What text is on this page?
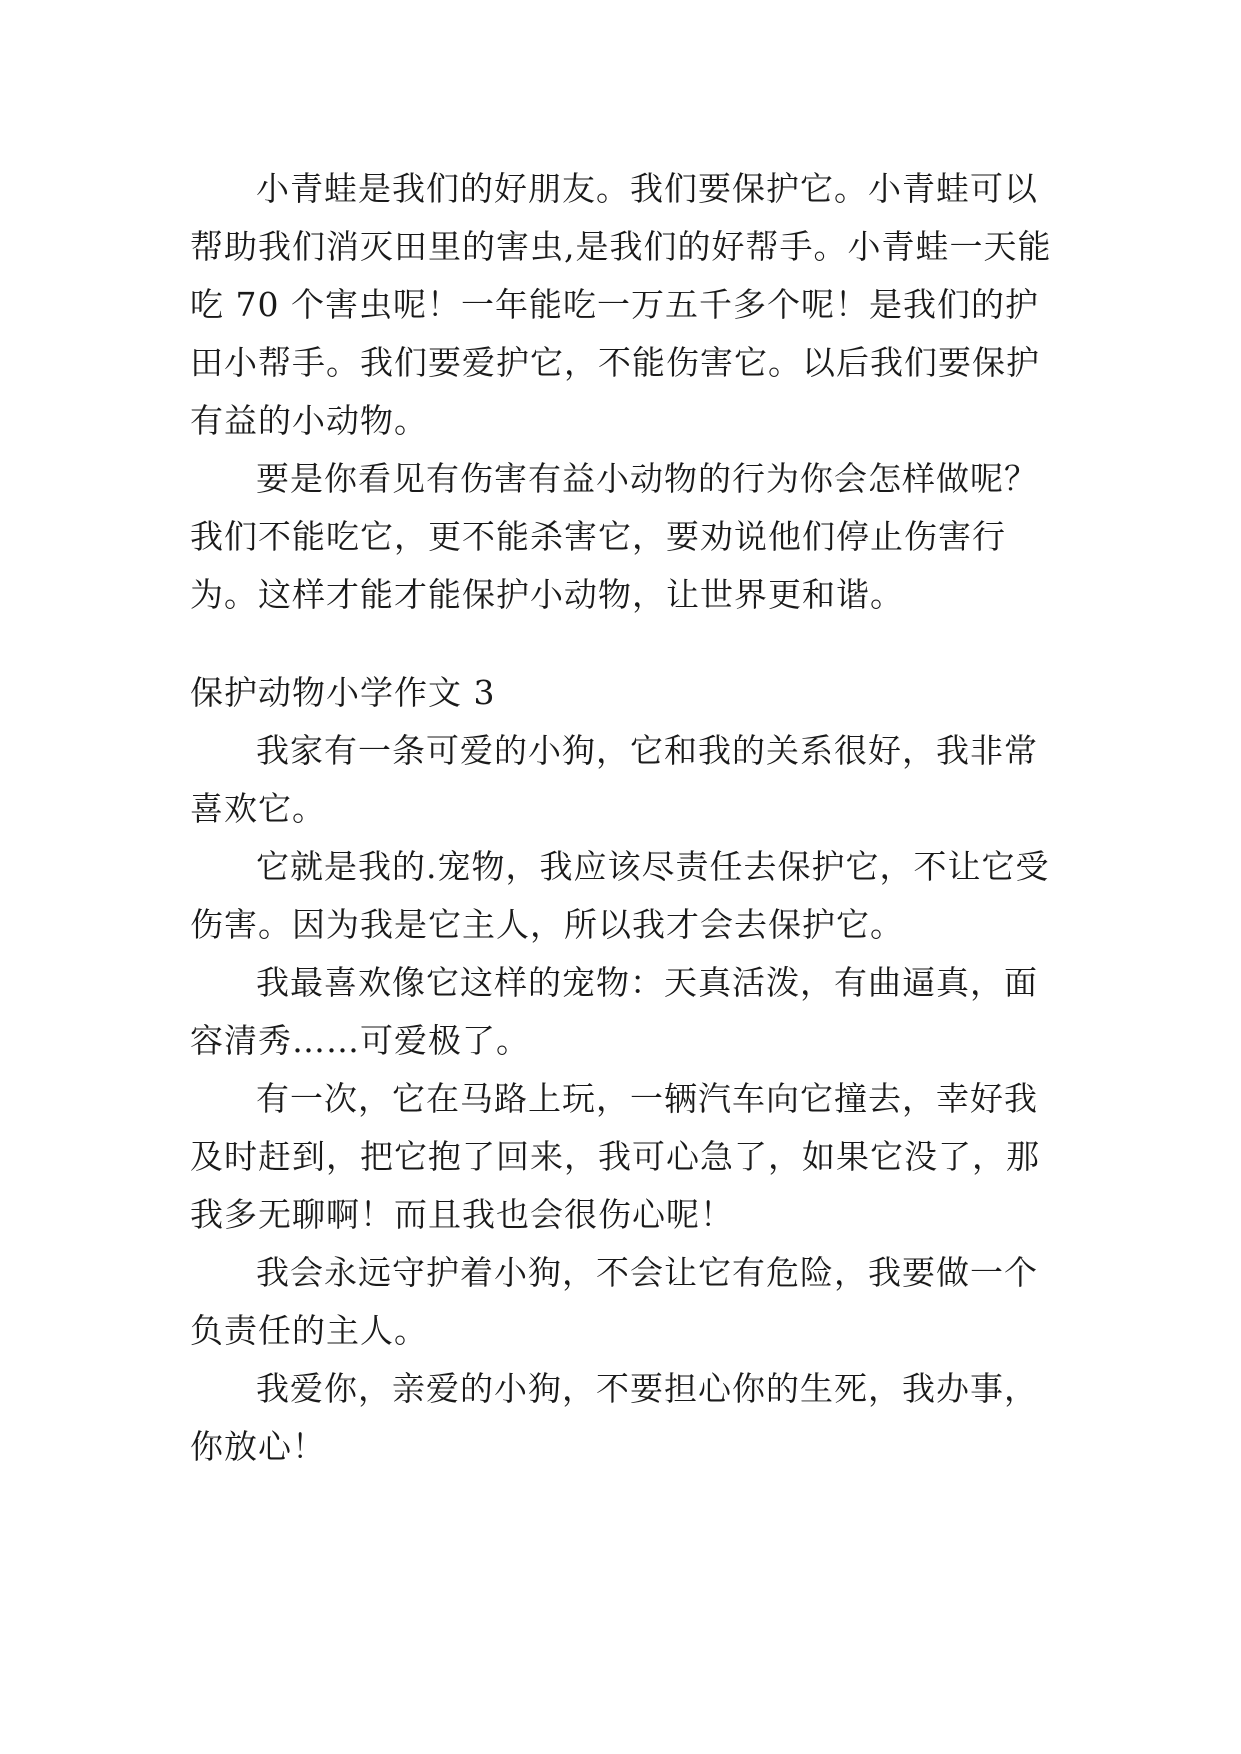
小青蛙是我们的好朋友。我们要保护它。小青蛙可以帮助我们消灭田里的害虫,是我们的好帮手。小青蛙一天能吃 70 个害虫呢！一年能吃一万五千多个呢！是我们的护田小帮手。我们要爱护它，不能伤害它。以后我们要保护有益的小动物。

要是你看见有伤害有益小动物的行为你会怎样做呢？我们不能吃它，更不能杀害它，要劝说他们停止伤害行为。这样才能才能保护小动物，让世界更和谐。

保护动物小学作文 3

我家有一条可爱的小狗，它和我的关系很好，我非常喜欢它。

它就是我的.宠物，我应该尽责任去保护它，不让它受伤害。因为我是它主人，所以我才会去保护它。

我最喜欢像它这样的宠物：天真活泼，有曲逼真，面容清秀……可爱极了。

有一次，它在马路上玩，一辆汽车向它撞去，幸好我及时赶到，把它抱了回来，我可心急了，如果它没了，那我多无聊啊！而且我也会很伤心呢！

我会永远守护着小狗，不会让它有危险，我要做一个负责任的主人。

我爱你，亲爱的小狗，不要担心你的生死，我办事，你放心！
